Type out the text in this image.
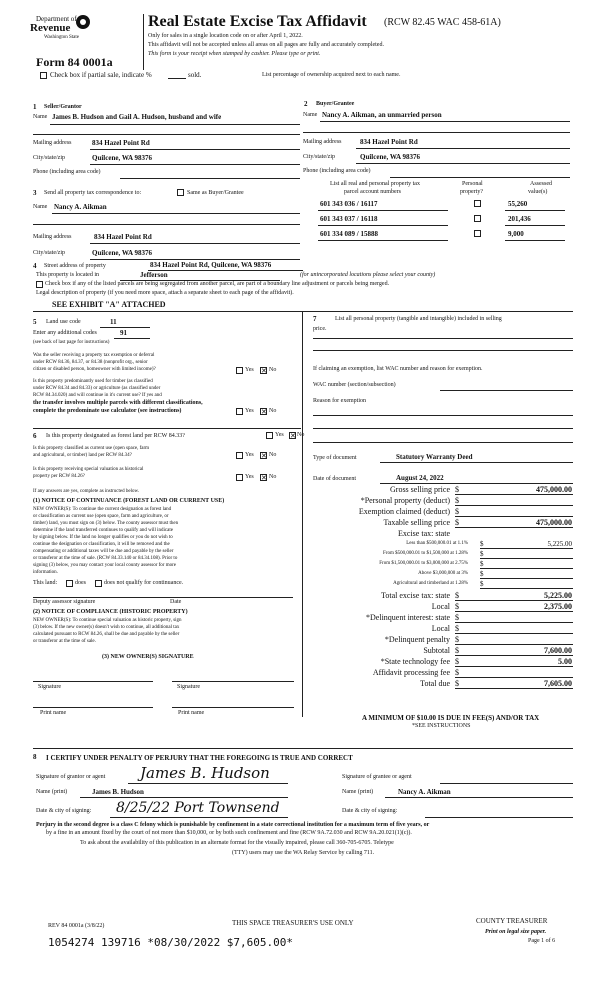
Department of
Revenue
Washington State
Form 84 0001a
Check box if partial sale, indicate %	sold.
Real Estate Excise Tax Affidavit (RCW 82.45 WAC 458-61A)
Only for sales in a single location code on or after April 1, 2022.
This affidavit will not be accepted unless all areas on all pages are fully and accurately completed.
This form is your receipt when stamped by cashier. Please type or print.
List percentage of ownership acquired next to each name.
1 Seller/Grantor
Name James B. Hudson and Gail A. Hudson, husband and wife
Mailing address	834 Hazel Point Rd
City/state/zip	Quilcene, WA 98376
Phone (including area code)
2 Buyer/Grantee
Name Nancy A. Aikman, an unmarried person
Mailing address	834 Hazel Point Rd
City/state/zip	Quilcene, WA 98376
Phone (including area code)
3 Send all property tax correspondence to:	Same as Buyer/Grantee
Name Nancy A. Aikman
Mailing address	834 Hazel Point Rd
City/state/zip	Quilcene, WA 98376
List all real and personal property tax
parcel account numbers
Personal
property?
Assessed
value(s)
601 343 036 / 16117	55,260
601 343 037 / 16118	201,436
601 334 089 / 15888	9,000
4 Street address of property	834 Hazel Point Rd, Quilcene, WA 98376
This property is located in	Jefferson	(for unincorporated locations please select your county)
Check box if any of the listed parcels are being segregated from another parcel, are part of a boundary line adjustment or parcels being merged.
Legal description of property (if you need more space, attach a separate sheet to each page of the affidavit).
SEE EXHIBIT "A" ATTACHED
5 Land use code	11
Enter any additional codes	91
(see back of last page for instructions)
Was the seller receiving a property tax exemption or deferral
under RCW 84.36, 84.37, or 84.38 (nonprofit org., senior
citizen or disabled person, homeowner with limited income)?	Yes ✕ No
Is this property predominantly used for timber (as classified
under RCW 84.34 and 84.33) or agriculture (as classified under
RCW 84.34.020) and will continue in it's current use? If yes and
the transfer involves multiple parcels with different classifications,
complete the predominate use calculator (see instructions)	Yes ✕ No
6 Is this property designated as forest land per RCW 84.33?	Yes ✕ No
Is this property classified as current use (open space, farm
and agricultural, or timber) land per RCW 84.34?	Yes ✕ No
Is this property receiving special valuation as historical
property per RCW 84.26?	Yes ✕ No
If any answers are yes, complete as instructed below.
(1) NOTICE OF CONTINUANCE (FOREST LAND OR CURRENT USE)
NEW OWNER(S): To continue the current designation as forest land
or classification as current use (open space, farm and agriculture, or
timber) land, you must sign on (3) below. The county assessor must then
determine if the land transferred continues to qualify and will indicate
by signing below. If the land no longer qualifies or you do not wish to
continue the designation or classification, it will be removed and the
compensating or additional taxes will be due and payable by the seller
or transferor at the time of sale. (RCW 84.33.140 or 84.34.108). Prior to
signing (3) below, you may contact your local county assessor for more
information.
This land:	does	does not qualify for continuance.
Deputy assessor signature	Date
(2) NOTICE OF COMPLIANCE (HISTORIC PROPERTY)
NEW OWNER(S): To continue special valuation as historic property, sign
(3) below. If the new owner(s) doesn't wish to continue, all additional tax
calculated pursuant to RCW 84.26, shall be due and payable by the seller
or transferor at the time of sale.
(3) NEW OWNER(S) SIGNATURE
Signature	Signature
Print name	Print name
7	List all personal property (tangible and intangible) included in selling
price.
If claiming an exemption, list WAC number and reason for exemption.
WAC number (section/subsection)
Reason for exemption
Type of document	Statutory Warranty Deed
Date of document	August 24, 2022
Gross selling price $	475,000.00
*Personal property (deduct) $
Exemption claimed (deduct) $
Taxable selling price $	475,000.00
Excise tax: state
Less than $500,000.01 at 1.1% $	5,225.00
From $500,000.01 to $1,500,000 at 1.28% $
From $1,500,000.01 to $3,000,000 at 2.75% $
Above $3,000,000 at 3% $
Agricultural and timberland at 1.28% $
Total excise tax: state $	5,225.00
Local $	2,375.00
*Delinquent interest: state $
Local $
*Delinquent penalty $
Subtotal $	7,600.00
*State technology fee $	5.00
Affidavit processing fee $
Total due $	7,605.00
A MINIMUM OF $10.00 IS DUE IN FEE(S) AND/OR TAX
*SEE INSTRUCTIONS
8 I CERTIFY UNDER PENALTY OF PERJURY THAT THE FOREGOING IS TRUE AND CORRECT
Signature of grantor or agent James B. Hudson	Signature of grantee or agent
Name (print)	James B. Hudson	Name (print)	Nancy A. Aikman
Date & city of signing: 8/25/22 Port Townsend	Date & city of signing:
Perjury in the second degree is a class C felony which is punishable by confinement in a state correctional institution for a maximum term of five years, or
by a fine in an amount fixed by the court of not more than $10,000, or by both such confinement and fine (RCW 9A.72.030 and RCW 9A.20.021(1)(c)).
To ask about the availability of this publication in an alternate format for the visually impaired, please call 360-705-6705. Teletype
(TTY) users may use the WA Relay Service by calling 711.
REV 84 0001a (3/8/22)	THIS SPACE TREASURER'S USE ONLY	COUNTY TREASURER
Print on legal size paper.
Page 1 of 6
1054274 139716 *08/30/2022 $7,605.00*
